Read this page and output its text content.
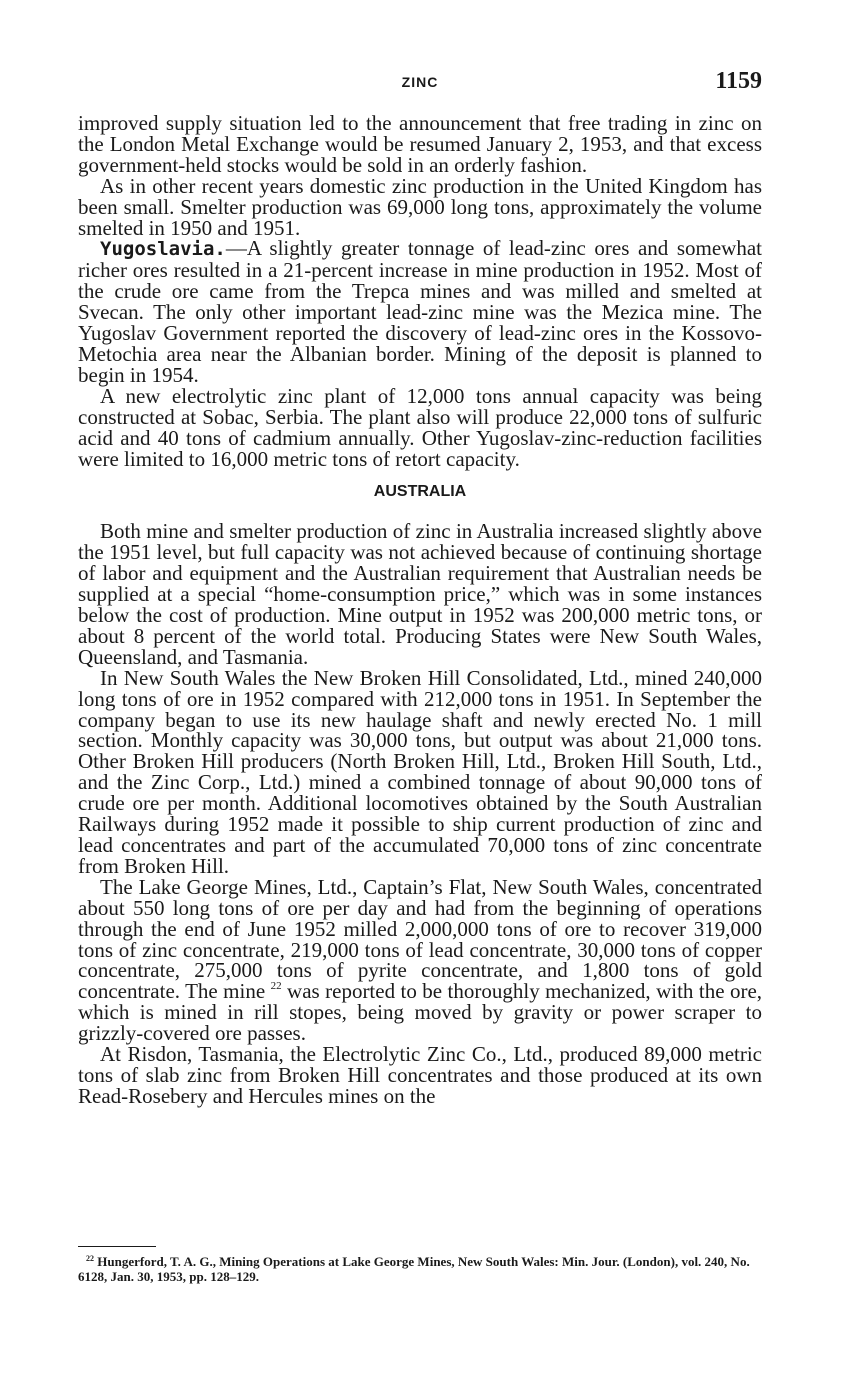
ZINC	1159

improved supply situation led to the announcement that free trading in zinc on the London Metal Exchange would be resumed January 2, 1953, and that excess government-held stocks would be sold in an orderly fashion.

As in other recent years domestic zinc production in the United Kingdom has been small. Smelter production was 69,000 long tons, approximately the volume smelted in 1950 and 1951.

Yugoslavia.—A slightly greater tonnage of lead-zinc ores and somewhat richer ores resulted in a 21-percent increase in mine production in 1952. Most of the crude ore came from the Trepca mines and was milled and smelted at Svecan. The only other important lead-zinc mine was the Mezica mine. The Yugoslav Government reported the discovery of lead-zinc ores in the Kossovo-Metochia area near the Albanian border. Mining of the deposit is planned to begin in 1954.

A new electrolytic zinc plant of 12,000 tons annual capacity was being constructed at Sobac, Serbia. The plant also will produce 22,000 tons of sulfuric acid and 40 tons of cadmium annually. Other Yugoslav-zinc-reduction facilities were limited to 16,000 metric tons of retort capacity.

AUSTRALIA

Both mine and smelter production of zinc in Australia increased slightly above the 1951 level, but full capacity was not achieved because of continuing shortage of labor and equipment and the Australian requirement that Australian needs be supplied at a special “home-consumption price,” which was in some instances below the cost of production. Mine output in 1952 was 200,000 metric tons, or about 8 percent of the world total. Producing States were New South Wales, Queensland, and Tasmania.

In New South Wales the New Broken Hill Consolidated, Ltd., mined 240,000 long tons of ore in 1952 compared with 212,000 tons in 1951. In September the company began to use its new haulage shaft and newly erected No. 1 mill section. Monthly capacity was 30,000 tons, but output was about 21,000 tons. Other Broken Hill producers (North Broken Hill, Ltd., Broken Hill South, Ltd., and the Zinc Corp., Ltd.) mined a combined tonnage of about 90,000 tons of crude ore per month. Additional locomotives obtained by the South Australian Railways during 1952 made it possible to ship current production of zinc and lead concentrates and part of the accumulated 70,000 tons of zinc concentrate from Broken Hill.

The Lake George Mines, Ltd., Captain’s Flat, New South Wales, concentrated about 550 long tons of ore per day and had from the beginning of operations through the end of June 1952 milled 2,000,000 tons of ore to recover 319,000 tons of zinc concentrate, 219,000 tons of lead concentrate, 30,000 tons of copper concentrate, 275,000 tons of pyrite concentrate, and 1,800 tons of gold concentrate. The mine $^{22}$ was reported to be thoroughly mechanized, with the ore, which is mined in rill stopes, being moved by gravity or power scraper to grizzly-covered ore passes.

At Risdon, Tasmania, the Electrolytic Zinc Co., Ltd., produced 89,000 metric tons of slab zinc from Broken Hill concentrates and those produced at its own Read-Rosebery and Hercules mines on the

$^{22}$ Hungerford, T. A. G., Mining Operations at Lake George Mines, New South Wales: Min. Jour. (London), vol. 240, No. 6128, Jan. 30, 1953, pp. 128–129.
